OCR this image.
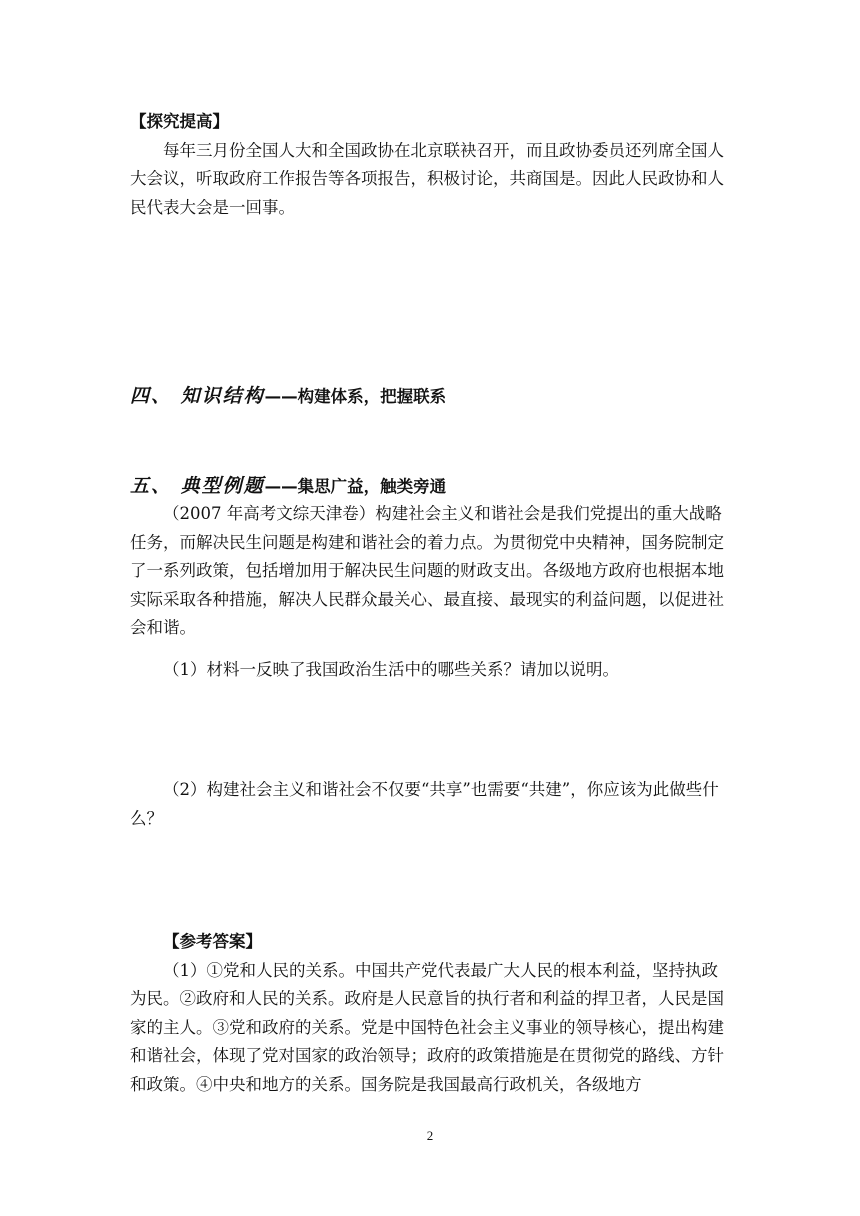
【探究提高】

每年三月份全国人大和全国政协在北京联袂召开，而且政协委员还列席全国人大会议，听取政府工作报告等各项报告，积极讨论，共商国是。因此人民政协和人民代表大会是一回事。

四、 知识结构——构建体系，把握联系
五、 典型例题——集思广益，触类旁通

（2007 年高考文综天津卷）构建社会主义和谐社会是我们党提出的重大战略任务，而解决民生问题是构建和谐社会的着力点。为贯彻党中央精神，国务院制定了一系列政策，包括增加用于解决民生问题的财政支出。各级地方政府也根据本地实际采取各种措施，解决人民群众最关心、最直接、最现实的利益问题，以促进社会和谐。

（1）材料一反映了我国政治生活中的哪些关系？请加以说明。

（2）构建社会主义和谐社会不仅要“共享”也需要“共建”，你应该为此做些什么？

【参考答案】

（1）①党和人民的关系。中国共产党代表最广大人民的根本利益，坚持执政为民。②政府和人民的关系。政府是人民意旨的执行者和利益的捍卫者，人民是国家的主人。③党和政府的关系。党是中国特色社会主义事业的领导核心，提出构建和谐社会，体现了党对国家的政治领导；政府的政策措施是在贯彻党的路线、方针和政策。④中央和地方的关系。国务院是我国最高行政机关，各级地方

2
